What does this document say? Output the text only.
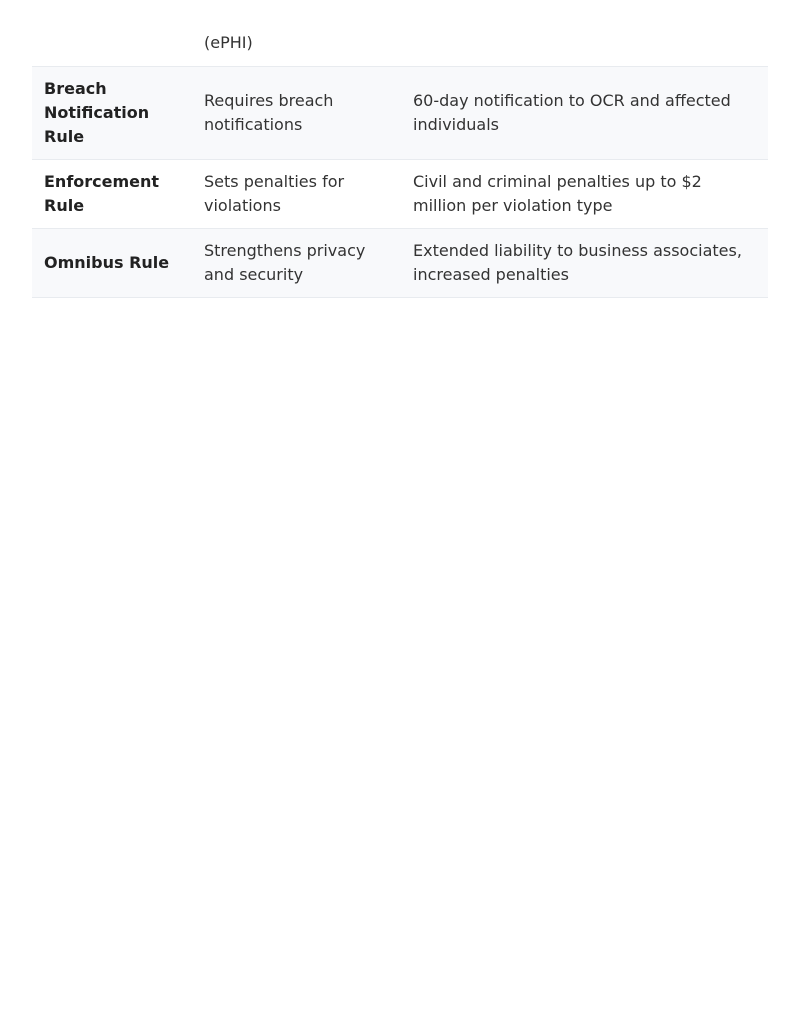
	(ePHI)	
Breach Notification Rule	Requires breach notifications	60-day notification to OCR and affected individuals
Enforcement Rule	Sets penalties for violations	Civil and criminal penalties up to $2 million per violation type
Omnibus Rule	Strengthens privacy and security	Extended liability to business associates, increased penalties
